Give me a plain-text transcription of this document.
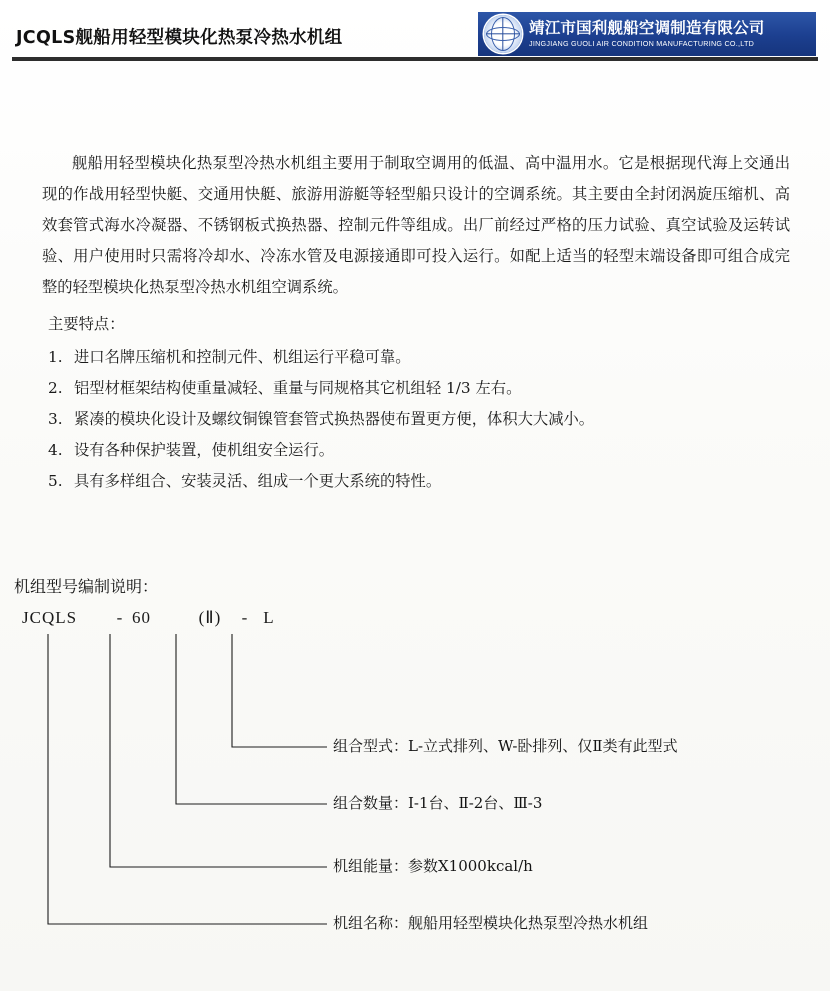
JCQLS舰船用轻型模块化热泵冷热水机组	靖江市国利舰船空调制造有限公司
JINGJIANG GUOLI AIR CONDITION MANUFACTURING CO.,LTD
舰船用轻型模块化热泵型冷热水机组主要用于制取空调用的低温、高中温用水。它是根据现代海上交通出现的作战用轻型快艇、交通用快艇、旅游用游艇等轻型船只设计的空调系统。其主要由全封闭涡旋压缩机、高效套管式海水冷凝器、不锈钢板式换热器、控制元件等组成。出厂前经过严格的压力试验、真空试验及运转试验、用户使用时只需将冷却水、冷冻水管及电源接通即可投入运行。如配上适当的轻型末端设备即可组合成完整的轻型模块化热泵型冷热水机组空调系统。
主要特点：
1. 进口名牌压缩机和控制元件、机组运行平稳可靠。
2. 铝型材框架结构使重量减轻、重量与同规格其它机组轻 1/3 左右。
3. 紧凑的模块化设计及螺纹铜镍管套管式换热器使布置更方便，体积大大减小。
4. 设有各种保护装置，使机组安全运行。
5. 具有多样组合、安装灵活、组成一个更大系统的特性。
机组型号编制说明：
JCQLS - 60	(Ⅱ) - L
组合型式：L-立式排列、W-卧排列、仅Ⅱ类有此型式
组合数量：Ⅰ-1台、Ⅱ-2台、Ⅲ-3
机组能量：参数X1000kcal/h
机组名称：舰船用轻型模块化热泵型冷热水机组
